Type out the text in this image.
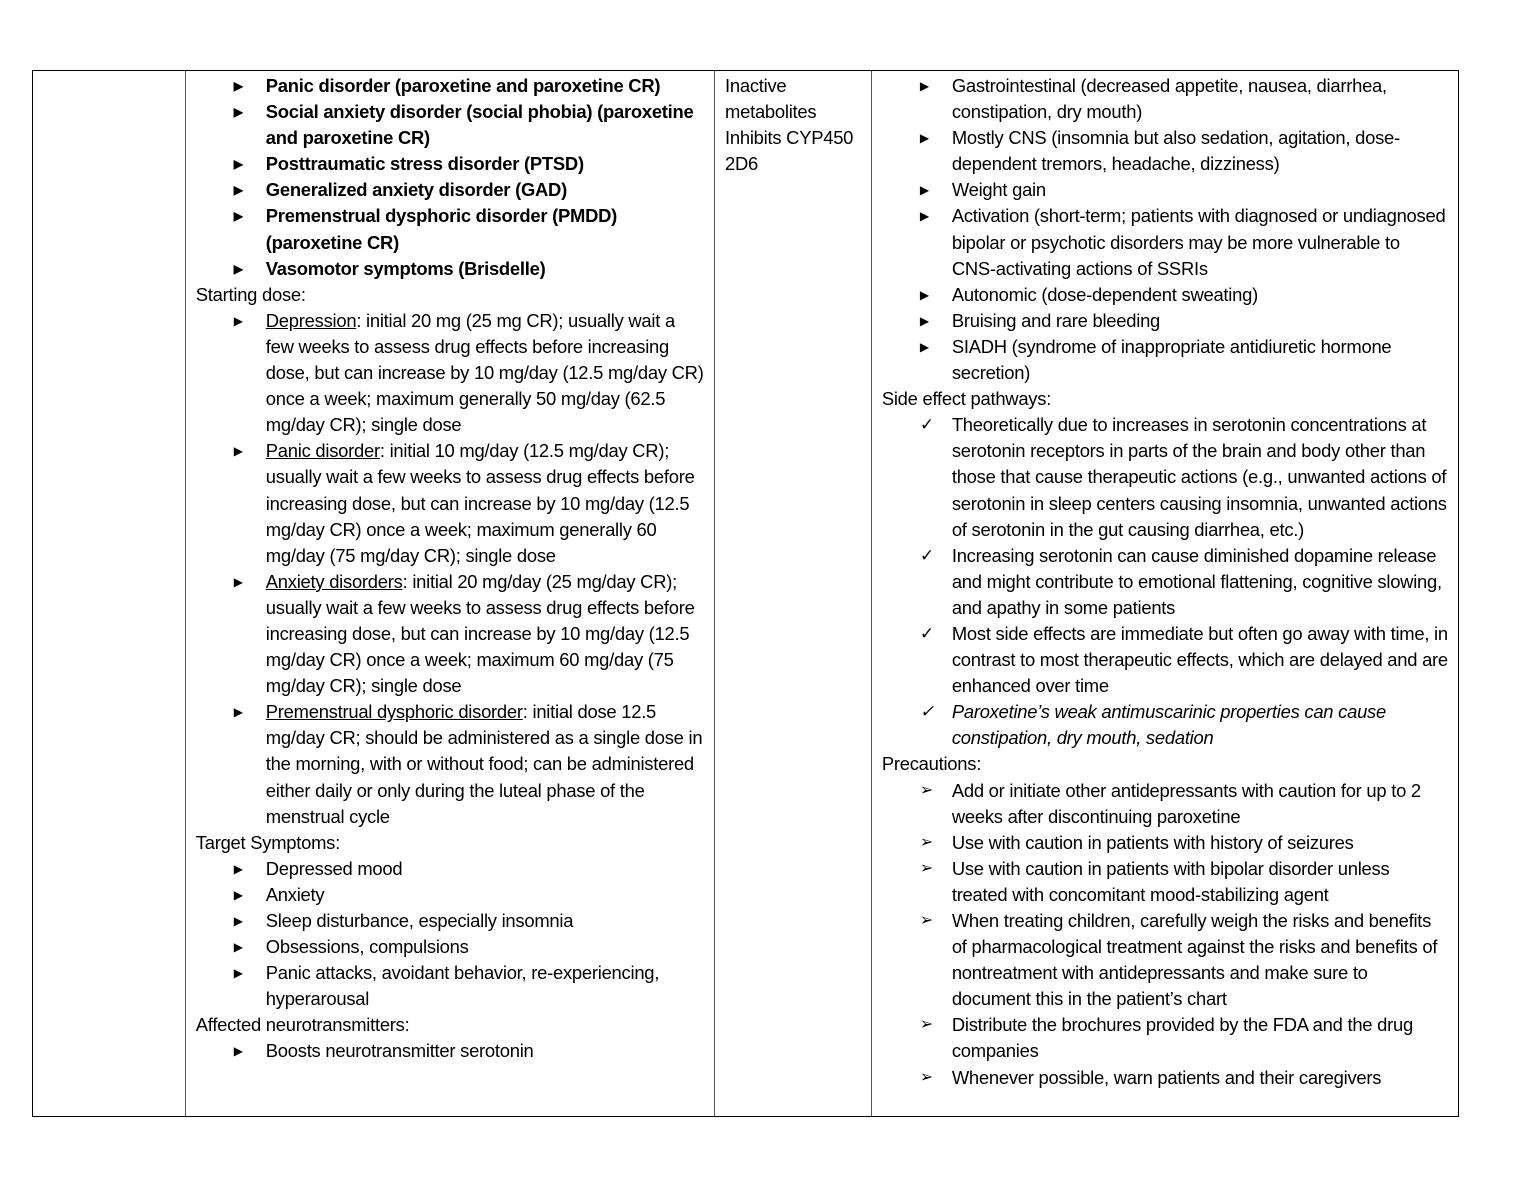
▶	Panic disorder (paroxetine and paroxetine CR)
▶	Social anxiety disorder (social phobia) (paroxetine and paroxetine CR)
▶	Posttraumatic stress disorder (PTSD)
▶	Generalized anxiety disorder (GAD)
▶	Premenstrual dysphoric disorder (PMDD) (paroxetine CR)
▶	Vasomotor symptoms (Brisdelle)
Starting dose:
▶	Depression: initial 20 mg (25 mg CR); usually wait a few weeks to assess drug effects before increasing dose, but can increase by 10 mg/day (12.5 mg/day CR) once a week; maximum generally 50 mg/day (62.5 mg/day CR); single dose
▶	Panic disorder: initial 10 mg/day (12.5 mg/day CR); usually wait a few weeks to assess drug effects before increasing dose, but can increase by 10 mg/day (12.5 mg/day CR) once a week; maximum generally 60 mg/day (75 mg/day CR); single dose
▶	Anxiety disorders: initial 20 mg/day (25 mg/day CR); usually wait a few weeks to assess drug effects before increasing dose, but can increase by 10 mg/day (12.5 mg/day CR) once a week; maximum 60 mg/day (75 mg/day CR); single dose
▶	Premenstrual dysphoric disorder: initial dose 12.5 mg/day CR; should be administered as a single dose in the morning, with or without food; can be administered either daily or only during the luteal phase of the menstrual cycle
Target Symptoms:
▶	Depressed mood
▶	Anxiety
▶	Sleep disturbance, especially insomnia
▶	Obsessions, compulsions
▶	Panic attacks, avoidant behavior, re-experiencing, hyperarousal
Affected neurotransmitters:
▶	Boosts neurotransmitter serotonin
Inactive
metabolites
Inhibits CYP450
2D6
▶	Gastrointestinal (decreased appetite, nausea, diarrhea, constipation, dry mouth)
▶	Mostly CNS (insomnia but also sedation, agitation, dose-dependent tremors, headache, dizziness)
▶	Weight gain
▶	Activation (short-term; patients with diagnosed or undiagnosed bipolar or psychotic disorders may be more vulnerable to CNS-activating actions of SSRIs
▶	Autonomic (dose-dependent sweating)
▶	Bruising and rare bleeding
▶	SIADH (syndrome of inappropriate antidiuretic hormone secretion)
Side effect pathways:
✓ Theoretically due to increases in serotonin concentrations at serotonin receptors in parts of the brain and body other than those that cause therapeutic actions (e.g., unwanted actions of serotonin in sleep centers causing insomnia, unwanted actions of serotonin in the gut causing diarrhea, etc.)
✓ Increasing serotonin can cause diminished dopamine release and might contribute to emotional flattening, cognitive slowing, and apathy in some patients
✓ Most side effects are immediate but often go away with time, in contrast to most therapeutic effects, which are delayed and are enhanced over time
✓ Paroxetine’s weak antimuscarinic properties can cause constipation, dry mouth, sedation
Precautions:
➢	Add or initiate other antidepressants with caution for up to 2 weeks after discontinuing paroxetine
➢	Use with caution in patients with history of seizures
➢	Use with caution in patients with bipolar disorder unless treated with concomitant mood-stabilizing agent
➢	When treating children, carefully weigh the risks and benefits of pharmacological treatment against the risks and benefits of nontreatment with antidepressants and make sure to document this in the patient’s chart
➢	Distribute the brochures provided by the FDA and the drug companies
➢	Whenever possible, warn patients and their caregivers
